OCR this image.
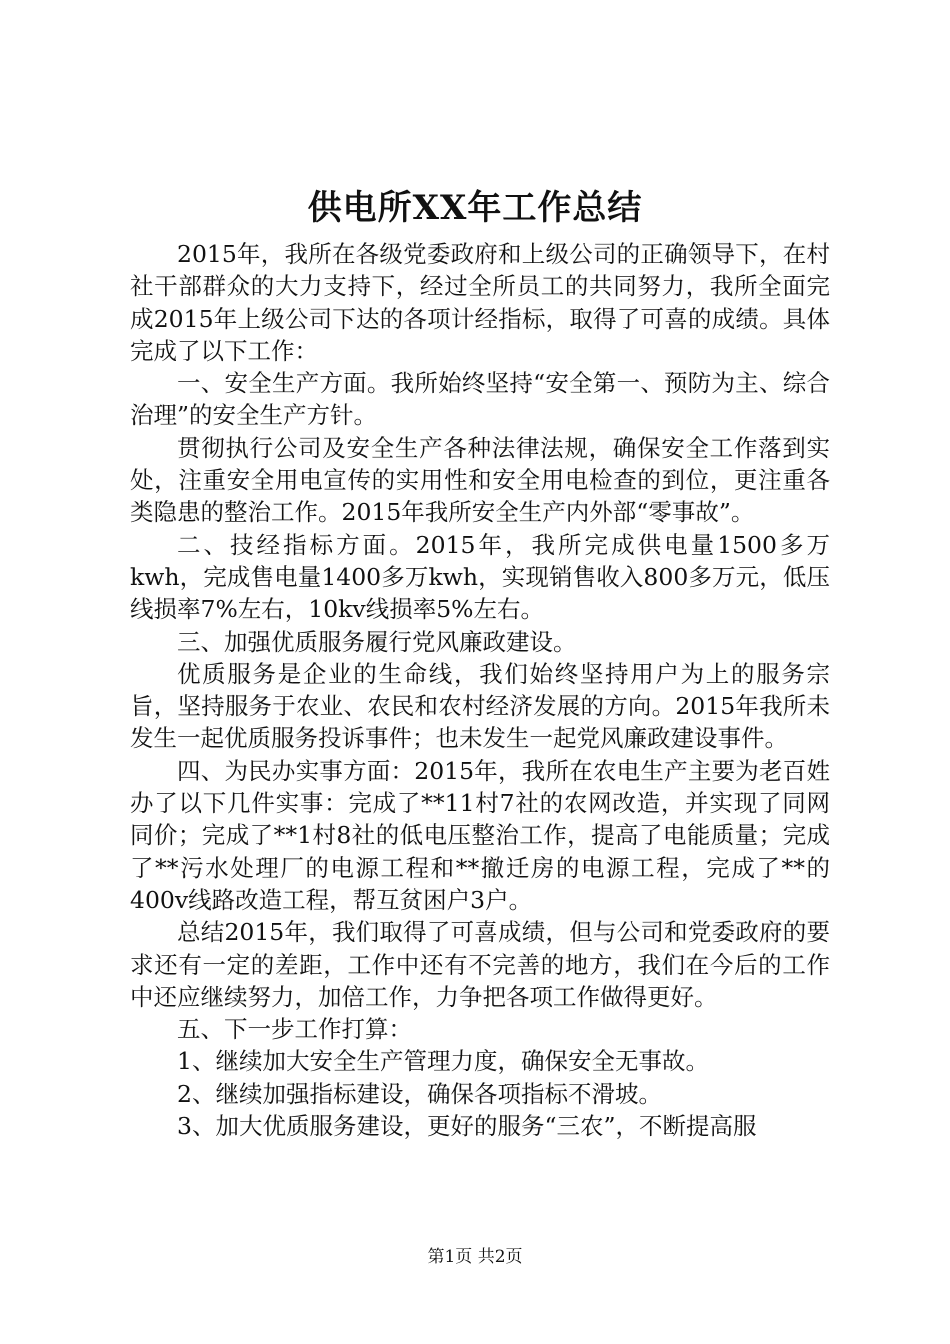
供电所XX年工作总结

2015年，我所在各级党委政府和上级公司的正确领导下，在村社干部群众的大力支持下，经过全所员工的共同努力，我所全面完成2015年上级公司下达的各项计经指标，取得了可喜的成绩。具体完成了以下工作：

一、安全生产方面。我所始终坚持“安全第一、预防为主、综合治理”的安全生产方针。

贯彻执行公司及安全生产各种法律法规，确保安全工作落到实处，注重安全用电宣传的实用性和安全用电检查的到位，更注重各类隐患的整治工作。2015年我所安全生产内外部“零事故”。

二、技经指标方面。2015年，我所完成供电量1500多万kwh，完成售电量1400多万kwh，实现销售收入800多万元，低压线损率7%左右，10kv线损率5%左右。

三、加强优质服务履行党风廉政建设。

优质服务是企业的生命线，我们始终坚持用户为上的服务宗旨，坚持服务于农业、农民和农村经济发展的方向。2015年我所未发生一起优质服务投诉事件；也未发生一起党风廉政建设事件。

四、为民办实事方面：2015年，我所在农电生产主要为老百姓办了以下几件实事：完成了**11村7社的农网改造，并实现了同网同价；完成了**1村8社的低电压整治工作，提高了电能质量；完成了**污水处理厂的电源工程和**撤迁房的电源工程，完成了**的400v线路改造工程，帮互贫困户3户。

总结2015年，我们取得了可喜成绩，但与公司和党委政府的要求还有一定的差距，工作中还有不完善的地方，我们在今后的工作中还应继续努力，加倍工作，力争把各项工作做得更好。

五、下一步工作打算：

1、继续加大安全生产管理力度，确保安全无事故。

2、继续加强指标建设，确保各项指标不滑坡。

3、加大优质服务建设，更好的服务“三农”，不断提高服

第1页 共2页
